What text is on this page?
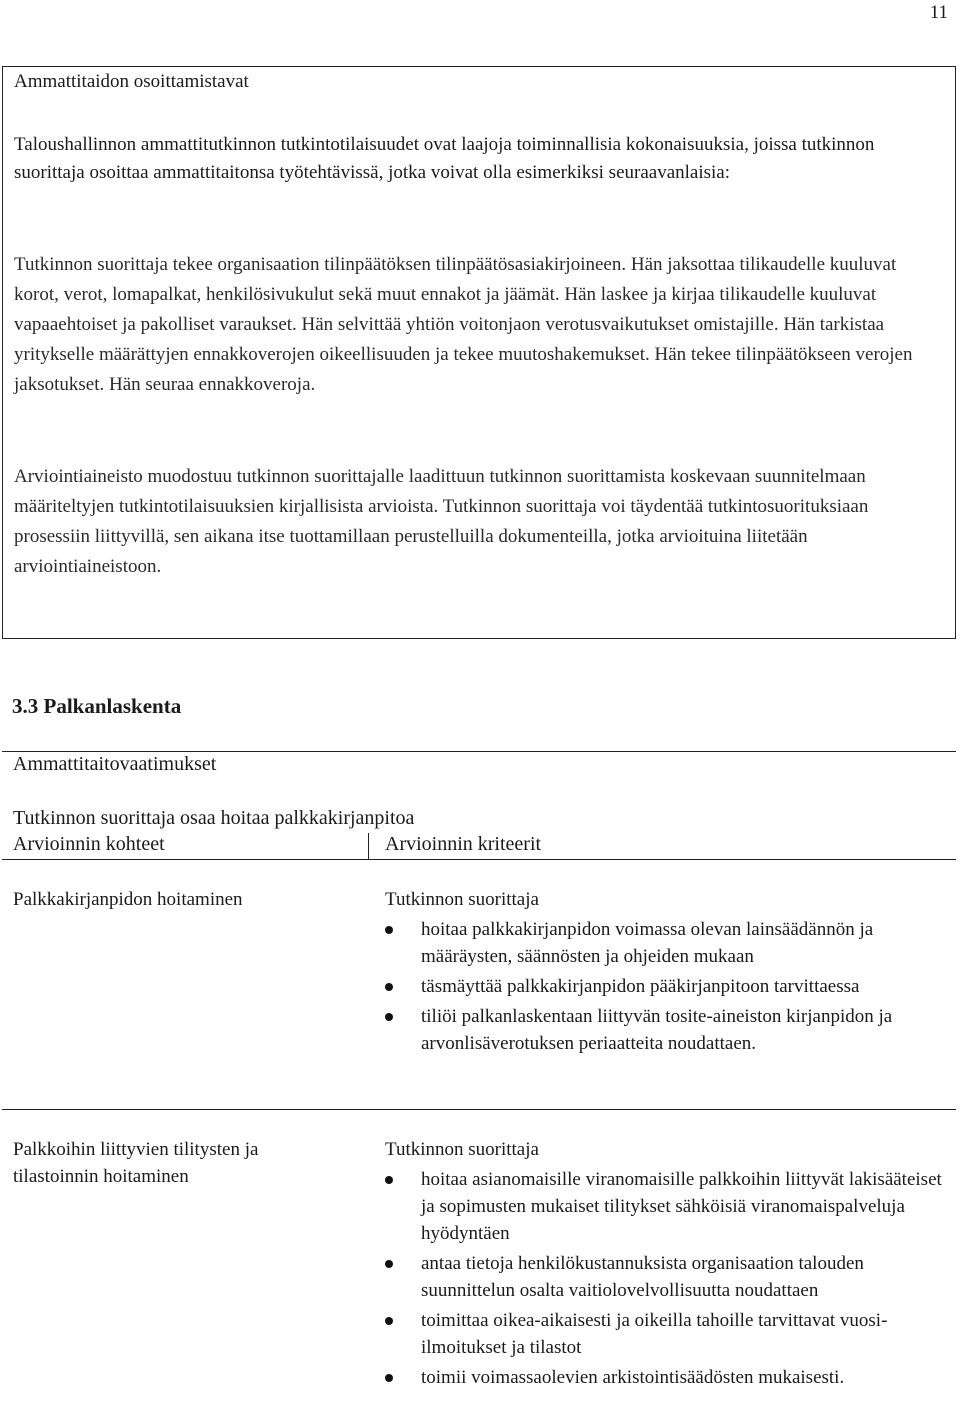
11

Ammattitaidon osoittamistavat

Taloushallinnon ammattitutkinnon tutkintotilaisuudet ovat laajoja toiminnallisia kokonaisuuksia, joissa tutkinnon suorittaja osoittaa ammattitaitonsa työtehtävissä, jotka voivat olla esimerkiksi seuraavanlaisia:

Tutkinnon suorittaja tekee organisaation tilinpäätöksen tilinpäätösasiakirjoineen. Hän jaksottaa tilikaudelle kuuluvat korot, verot, lomapalkat, henkilösivukulut sekä muut ennakot ja jäämät. Hän laskee ja kirjaa tilikaudelle kuuluvat vapaaehtoiset ja pakolliset varaukset. Hän selvittää yhtiön voitonjaon verotusvaikutukset omistajille. Hän tarkistaa yritykselle määrättyjen ennakkoverojen oikeellisuuden ja tekee muutoshakemukset. Hän tekee tilinpäätökseen verojen jaksotukset. Hän seuraa ennakkoveroja.

Arviointiaineisto muodostuu tutkinnon suorittajalle laadittuun tutkinnon suorittamista koskevaan suunnitelmaan määriteltyjen tutkintotilaisuuksien kirjallisista arvioista. Tutkinnon suorittaja voi täydentää tutkintosuorituksiaan prosessiin liittyvillä, sen aikana itse tuottamillaan perustelluilla dokumenteilla, jotka arvioituina liitetään arviointiaineistoon.

3.3 Palkanlaskenta

Ammattitaitovaatimukset

Tutkinnon suorittaja osaa hoitaa palkkakirjanpitoa

Arvioinnin kohteet	Arvioinnin kriteerit

Palkkakirjanpidon hoitaminen	Tutkinnon suorittaja

hoitaa palkkakirjanpidon voimassa olevan lainsäädännön ja määräysten, säännösten ja ohjeiden mukaan
täsmäyttää palkkakirjanpidon pääkirjanpitoon tarvittaessa
tiliöi palkanlaskentaan liittyvän tosite-aineiston kirjanpidon ja arvonlisäverotuksen periaatteita noudattaen.

Palkkoihin liittyvien tilitysten ja tilastoinnin hoitaminen

Tutkinnon suorittaja

hoitaa asianomaisille viranomaisille palkkoihin liittyvät lakisääteiset ja sopimusten mukaiset tilitykset sähköisiä viranomaispalveluja hyödyntäen
antaa tietoja henkilökustannuksista organisaation talouden suunnittelun osalta vaitiolovelvollisuutta noudattaen
toimittaa oikea-aikaisesti ja oikeilla tahoille tarvittavat vuosi-ilmoitukset ja tilastot
toimii voimassaolevien arkistointisäädösten mukaisesti.
